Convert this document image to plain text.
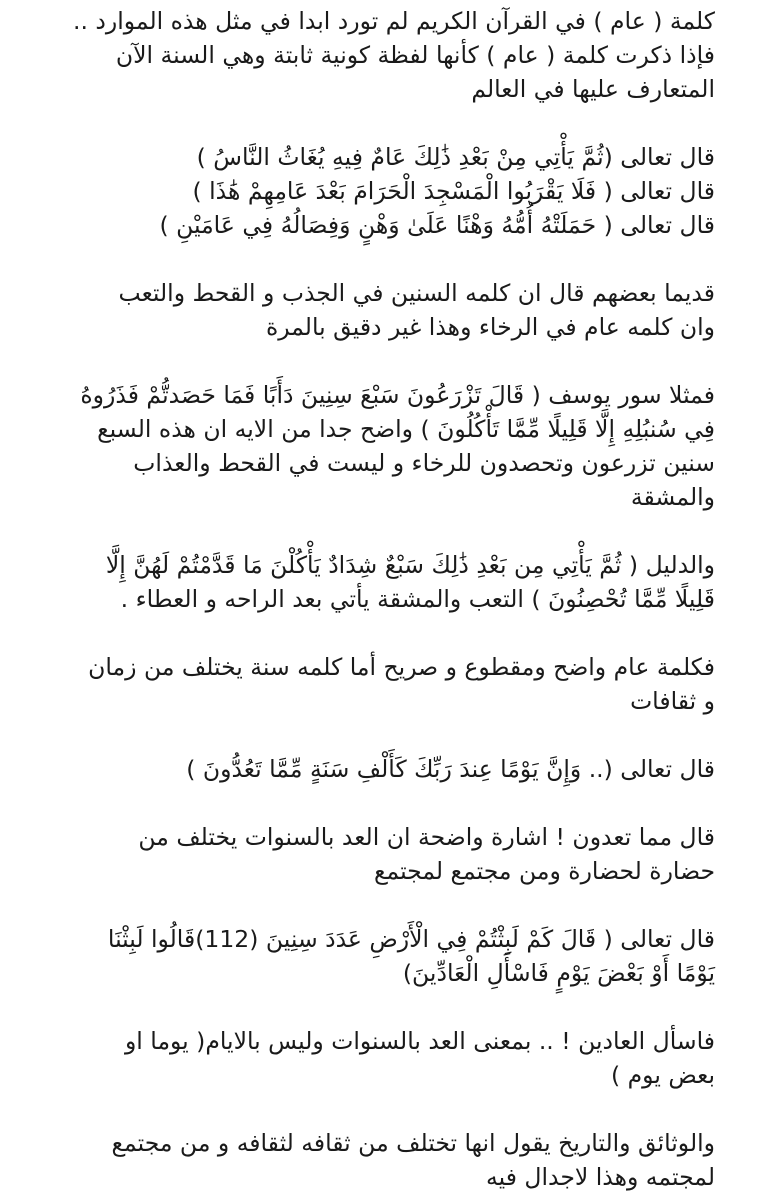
كلمة ( عام ) في القرآن الكريم لم تورد ابدا في مثل هذه الموارد ..
فإذا ذكرت كلمة ( عام ) كأنها لفظة كونية ثابتة وهي السنة الآن
المتعارف عليها في العالم

قال تعالى (ثُمَّ يَأْتِي مِنْ بَعْدِ ذَٰلِكَ عَامٌ فِيهِ يُغَاثُ النَّاسُ )
قال تعالى ( فَلَا يَقْرَبُوا الْمَسْجِدَ الْحَرَامَ بَعْدَ عَامِهِمْ هَٰذَا )
قال تعالى ( حَمَلَتْهُ أُمُّهُ وَهْنًا عَلَىٰ وَهْنٍ وَفِصَالُهُ فِي عَامَيْنِ )

قديما بعضهم قال ان كلمه السنين في الجذب و القحط والتعب
وان كلمه عام في الرخاء وهذا غير دقيق بالمرة

فمثلا سور يوسف ( قَالَ تَزْرَعُونَ سَبْعَ سِنِينَ دَأَبًا فَمَا حَصَدتُّمْ فَذَرُوهُ
فِي سُنبُلِهِ إِلَّا قَلِيلًا مِّمَّا تَأْكُلُونَ ) واضح جدا من الايه ان هذه السبع
سنين تزرعون وتحصدون للرخاء و ليست في القحط والعذاب
والمشقة

والدليل ( ثُمَّ يَأْتِي مِن بَعْدِ ذَٰلِكَ سَبْعٌ شِدَادٌ يَأْكُلْنَ مَا قَدَّمْتُمْ لَهُنَّ إِلَّا
قَلِيلًا مِّمَّا تُحْصِنُونَ ) التعب والمشقة يأتي بعد الراحه و العطاء .

فكلمة عام واضح ومقطوع و صريح أما كلمه سنة يختلف من زمان
و ثقافات

قال تعالى (.. وَإِنَّ يَوْمًا عِندَ رَبِّكَ كَأَلْفِ سَنَةٍ مِّمَّا تَعُدُّونَ )

قال مما تعدون ! اشارة واضحة ان العد بالسنوات يختلف من
حضارة لحضارة ومن مجتمع لمجتمع

قال تعالى ( قَالَ كَمْ لَبِثْتُمْ فِي الْأَرْضِ عَدَدَ سِنِينَ (112)قَالُوا لَبِثْنَا
يَوْمًا أَوْ بَعْضَ يَوْمٍ فَاسْأَلِ الْعَادِّينَ)

فاسأل العادين ! .. بمعنى العد بالسنوات وليس بالايام( يوما او
بعض يوم )

والوثائق والتاريخ يقول انها تختلف من ثقافه لثقافه و من مجتمع
لمجتمه وهذا لاجدال فيه
